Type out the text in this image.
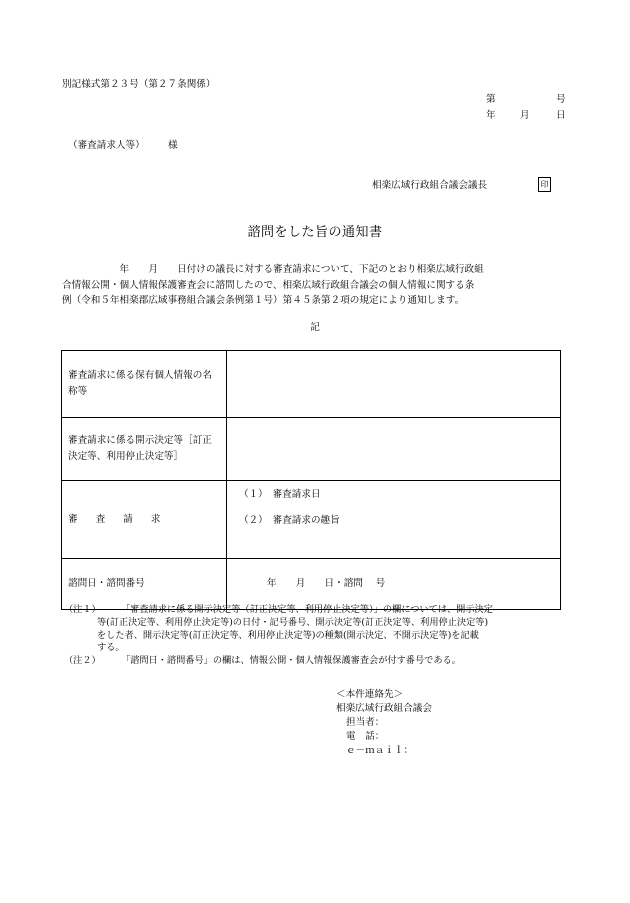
別記様式第２３号（第２７条関係）
第	号
年	月	日
（審査請求人等） 様
相楽広域行政組合議会議長	印
諮問をした旨の通知書
　　　　　　年　　月　　日付けの議長に対する審査請求について、下記のとおり相楽広域行政組
合情報公開・個人情報保護審査会に諮問したので、相楽広域行政組合議会の個人情報に関する条
例（令和５年相楽郡広域事務組合議会条例第１号）第４５条第２項の規定により通知します。
記
審査請求に係る保有個人情報の名称等	
審査請求に係る開示決定等［訂正決定等、利用停止決定等］	
審査請求	（１）　審査請求日
（２）　審査請求の趣旨

諮問日・諮問番号	年　　月　　日・諮問　 号
（注１）	「審査請求に係る開示決定等（訂正決定等、利用停止決定等）」の欄については、開示決定
等(訂正決定等、利用停止決定等)の日付・記号番号、開示決定等(訂正決定等、利用停止決定等)
をした者、開示決定等(訂正決定等、利用停止決定等)の種類(開示決定、不開示決定等)を記載
する。
（注２）	「諮問日・諮問番号」の欄は、情報公開・個人情報保護審査会が付す番号である。
＜本件連絡先＞
相楽広域行政組合議会
担当者：
電　話：
ｅ－ｍａｉｌ：
